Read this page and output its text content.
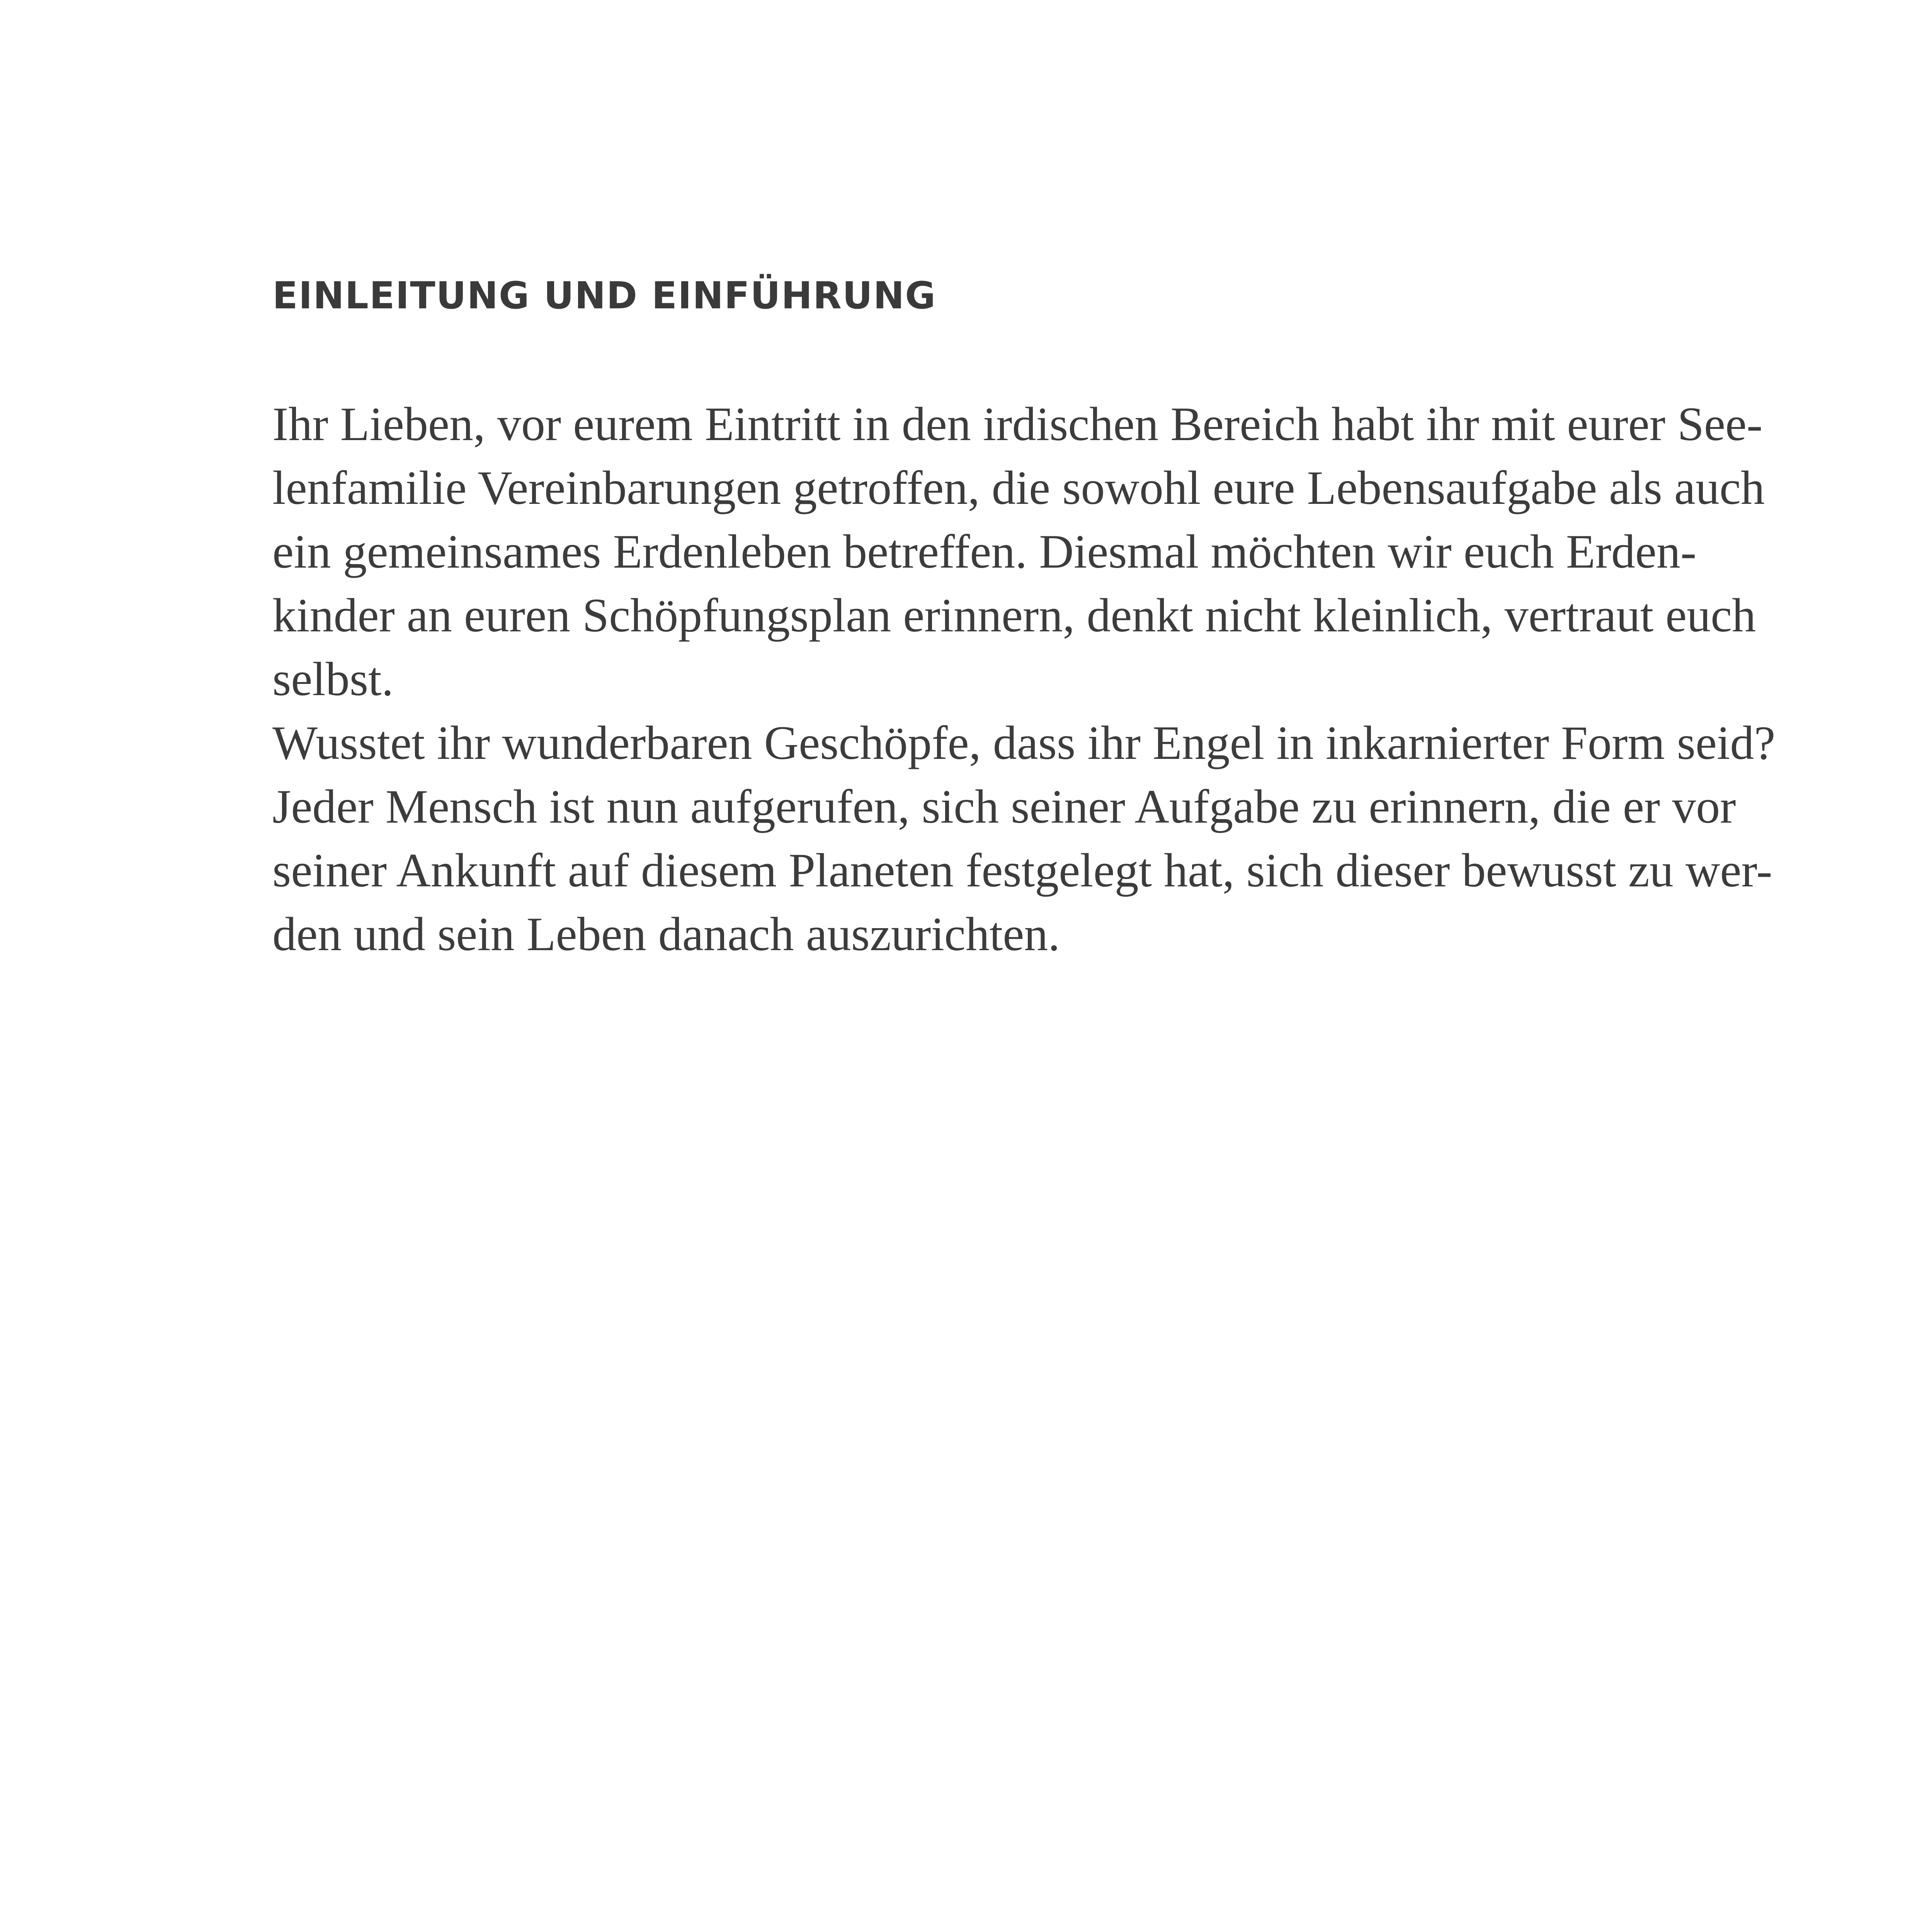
EINLEITUNG UND EINFÜHRUNG

Ihr Lieben, vor eurem Eintritt in den irdischen Bereich habt ihr mit eurer See-
lenfamilie Vereinbarungen getroffen, die sowohl eure Lebensaufgabe als auch
ein gemeinsames Erdenleben betreffen. Diesmal möchten wir euch Erden-
kinder an euren Schöpfungsplan erinnern, denkt nicht kleinlich, vertraut euch
selbst.
Wusstet ihr wunderbaren Geschöpfe, dass ihr Engel in inkarnierter Form seid?
Jeder Mensch ist nun aufgerufen, sich seiner Aufgabe zu erinnern, die er vor
seiner Ankunft auf diesem Planeten festgelegt hat, sich dieser bewusst zu wer-
den und sein Leben danach auszurichten.
